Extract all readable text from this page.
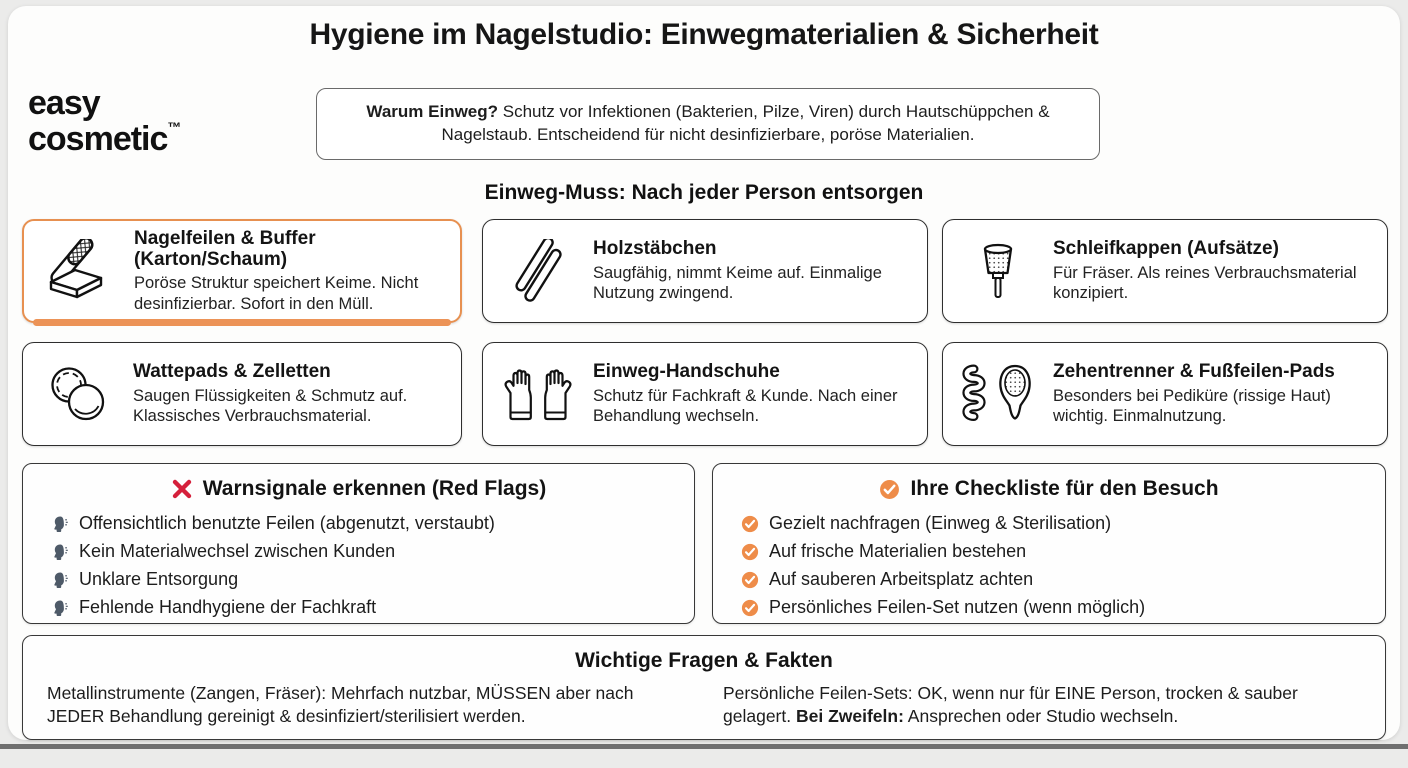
Hygiene im Nagelstudio: Einwegmaterialien & Sicherheit
easy
cosmetic™
Warum Einweg? Schutz vor Infektionen (Bakterien, Pilze, Viren) durch Hautschüppchen & Nagelstaub. Entscheidend für nicht desinfizierbare, poröse Materialien.
Einweg-Muss: Nach jeder Person entsorgen
Nagelfeilen & Buffer (Karton/Schaum)
Poröse Struktur speichert Keime. Nicht desinfizierbar. Sofort in den Müll.
Holzstäbchen
Saugfähig, nimmt Keime auf. Einmalige Nutzung zwingend.
Schleifkappen (Aufsätze)
Für Fräser. Als reines Verbrauchsmaterial konzipiert.
Wattepads & Zelletten
Saugen Flüssigkeiten & Schmutz auf. Klassisches Verbrauchsmaterial.
Einweg-Handschuhe
Schutz für Fachkraft & Kunde. Nach einer Behandlung wechseln.
Zehentrenner & Fußfeilen-Pads
Besonders bei Pediküre (rissige Haut) wichtig. Einmalnutzung.
Warnsignale erkennen (Red Flags)
Offensichtlich benutzte Feilen (abgenutzt, verstaubt)
Kein Materialwechsel zwischen Kunden
Unklare Entsorgung
Fehlende Handhygiene der Fachkraft
Ihre Checkliste für den Besuch
Gezielt nachfragen (Einweg & Sterilisation)
Auf frische Materialien bestehen
Auf sauberen Arbeitsplatz achten
Persönliches Feilen-Set nutzen (wenn möglich)
Wichtige Fragen & Fakten
Metallinstrumente (Zangen, Fräser): Mehrfach nutzbar, MÜSSEN aber nach JEDER Behandlung gereinigt & desinfiziert/sterilisiert werden.
Persönliche Feilen-Sets: OK, wenn nur für EINE Person, trocken & sauber gelagert. Bei Zweifeln: Ansprechen oder Studio wechseln.
